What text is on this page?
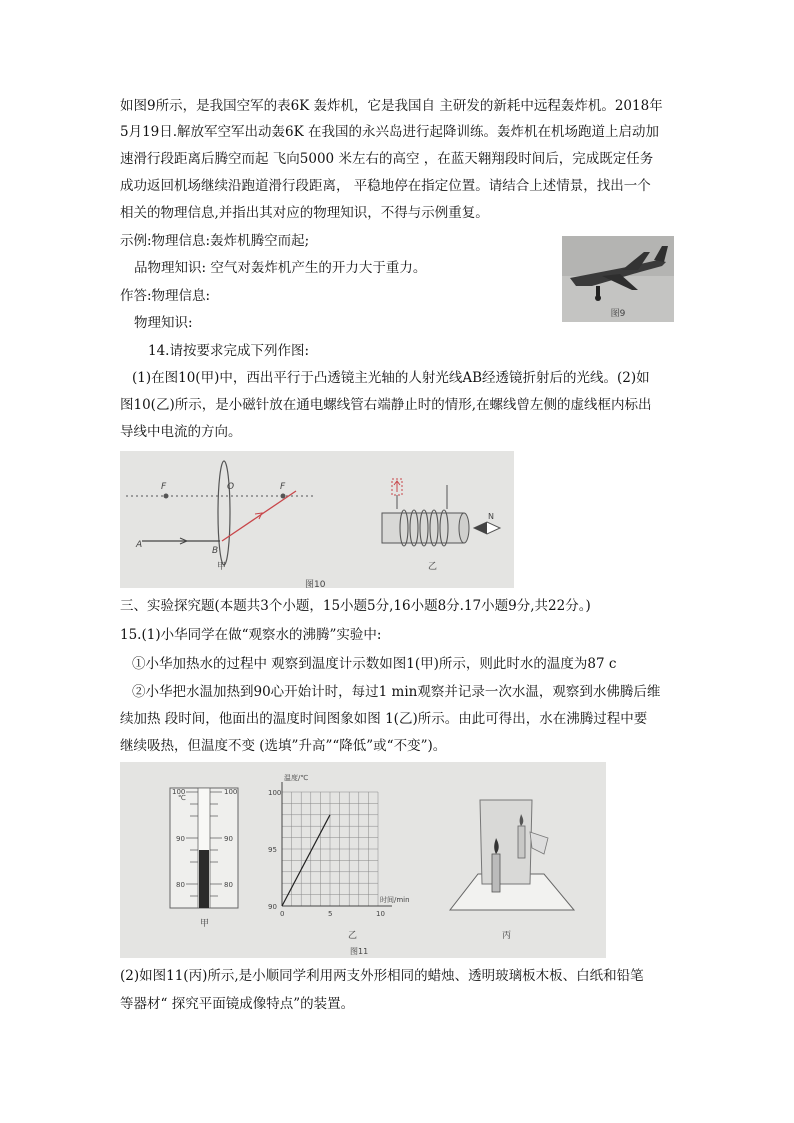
如图9所示，是我国空军的表6K 轰炸机，它是我国自 主研发的新耗中远程轰炸机。2018年
5月19日.解放军空军出动轰6K 在我国的永兴岛进行起降训练。轰炸机在机场跑道上启动加
速滑行段距离后腾空而起 飞向5000 米左右的高空 ，在蓝天翱翔段时间后，完成既定任务
成功返回机场继续沿跑道滑行段距离， 平稳地停在指定位置。请结合上述情景，找出一个
相关的物理信息,并指出其对应的物理知识，不得与示例重复。
示例:物理信息:轰炸机腾空而起;
品物理知识: 空气对轰炸机产生的开力大于重力。
作答:物理信息:
物理知识:
图9
14.请按要求完成下列作图:
(1)在图10(甲)中，西出平行于凸透镜主光轴的人射光线AB经透镜折射后的光线。(2)如
图10(乙)所示，是小磁针放在通电螺线管右端静止时的情形,在螺线曾左侧的虚线框内标出
导线中电流的方向。
F	O	F
A
B
甲
N
乙
图10
三、实验探究题(本题共3个小题，15小题5分,16小题8分.17小题9分,共22分。)
15.(1)小华同学在做“观察水的沸腾”实验中:
①小华加热水的过程中 观察到温度计示数如图1(甲)所示，则此时水的温度为87 c
②小华把水温加热到90心开始计时，每过1 min观察并记录一次水温，观察到水佛腾后维
续加热 段时间，他面出的温度时间图象如图 1(乙)所示。由此可得出，水在沸腾过程中要
继续吸热，但温度不变 (选填”升高”“降低”或“不变”)。
℃
100	100
90	90
80	80
甲
温度/℃
时间/min
0	5	10
90
95
100
乙	丙
图11
(2)如图11(丙)所示,是小顺同学利用两支外形相同的蜡烛、透明玻璃板木板、白纸和铅笔
等器材“ 探究平面镜成像特点”的装置。
